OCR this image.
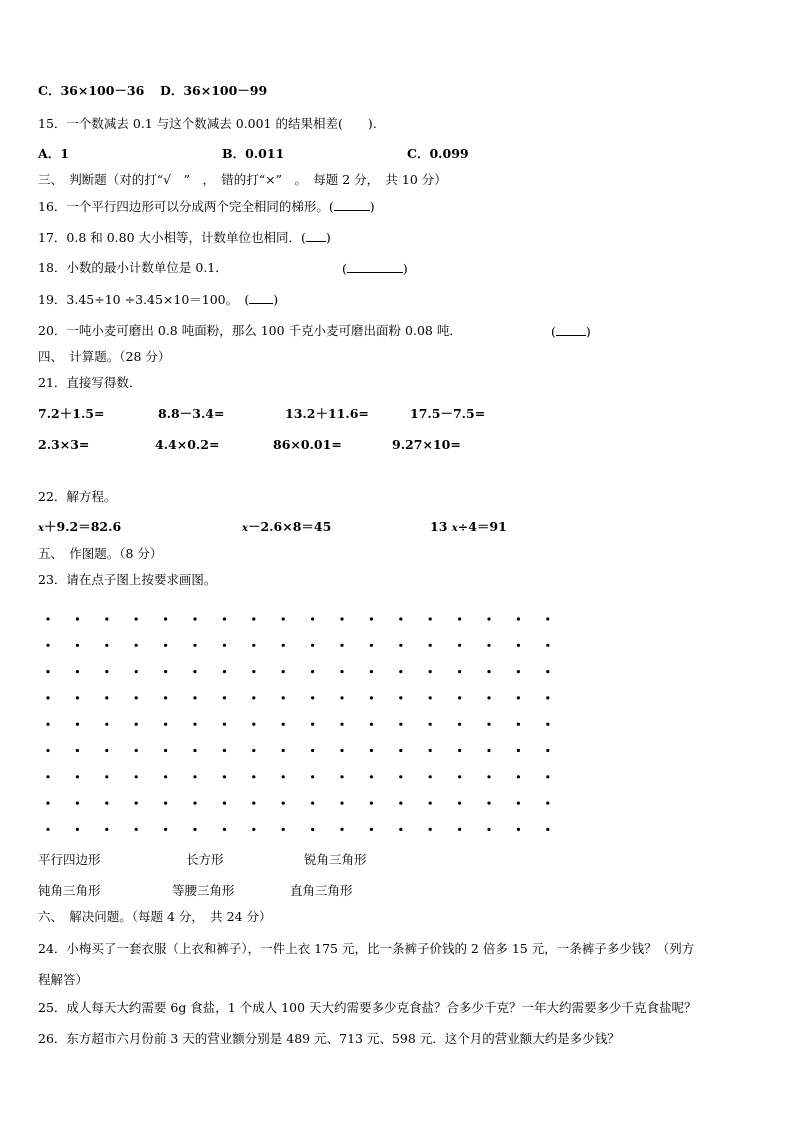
C．36×100－36 D．36×100－99
15．一个数减去 0.1 与这个数减去 0.001 的结果相差(　　).
A．1	B．0.011	C．0.099
三、　判断题（对的打“√　”　，　错的打“×”　。　每题 2 分，　共 10 分）
16．一个平行四边形可以分成两个完全相同的梯形。(	)
17．0.8 和 0.80 大小相等，计数单位也相同．( )
18．小数的最小计数单位是 0.1．	(	)
19．3.45÷10 ÷3.45×10＝100。　( )
20．一吨小麦可磨出 0.8 吨面粉，那么 100 千克小麦可磨出面粉 0.08 吨．	( )
四、　计算题。（28 分）
21．直接写得数．
7.2＋1.5=	8.8－3.4=	13.2＋11.6=	17.5－7.5=
2.3×3=	4.4×0.2=	86×0.01=	9.27×10=
22．解方程。
x＋9.2＝82.6	x－2.6×8＝45	13 x÷4＝91
五、　作图题。（8 分）
23．请在点子图上按要求画图。
平行四边形	长方形	锐角三角形
钝角三角形	等腰三角形	直角三角形
六、　解决问题。（每题 4 分，　共 24 分）
24．小梅买了一套衣服（上衣和裤子），一件上衣 175 元，比一条裤子价钱的 2 倍多 15 元，一条裤子多少钱？（列方
程解答）
25．成人每天大约需要 6g 食盐，1 个成人 100 天大约需要多少克食盐？合多少千克？一年大约需要多少千克食盐呢？
26．东方超市六月份前 3 天的营业额分别是 489 元、713 元、598 元．这个月的营业额大约是多少钱？
